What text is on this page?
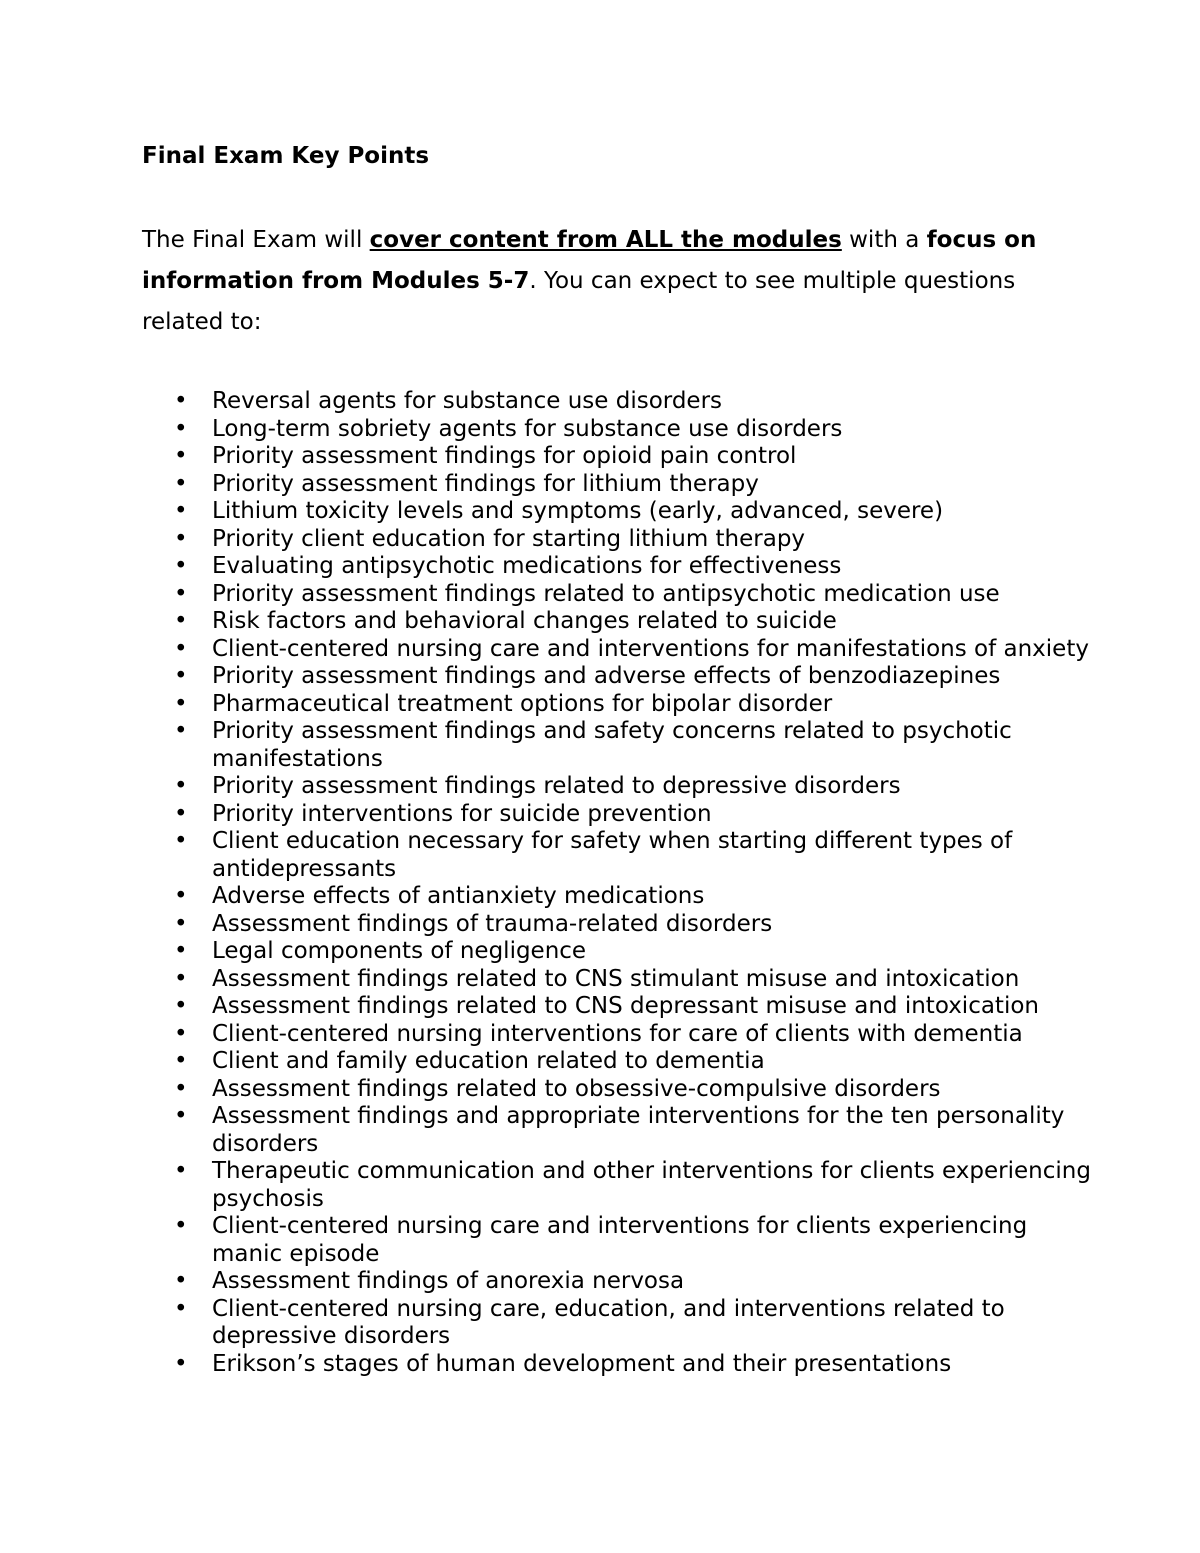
Final Exam Key Points

The Final Exam will cover content from ALL the modules with a focus on information from Modules 5-7. You can expect to see multiple questions related to:

• Reversal agents for substance use disorders
• Long-term sobriety agents for substance use disorders
• Priority assessment findings for opioid pain control
• Priority assessment findings for lithium therapy
• Lithium toxicity levels and symptoms (early, advanced, severe)
• Priority client education for starting lithium therapy
• Evaluating antipsychotic medications for effectiveness
• Priority assessment findings related to antipsychotic medication use
• Risk factors and behavioral changes related to suicide
• Client-centered nursing care and interventions for manifestations of anxiety
• Priority assessment findings and adverse effects of benzodiazepines
• Pharmaceutical treatment options for bipolar disorder
• Priority assessment findings and safety concerns related to psychotic manifestations
• Priority assessment findings related to depressive disorders
• Priority interventions for suicide prevention
• Client education necessary for safety when starting different types of antidepressants
• Adverse effects of antianxiety medications
• Assessment findings of trauma-related disorders
• Legal components of negligence
• Assessment findings related to CNS stimulant misuse and intoxication
• Assessment findings related to CNS depressant misuse and intoxication
• Client-centered nursing interventions for care of clients with dementia
• Client and family education related to dementia
• Assessment findings related to obsessive-compulsive disorders
• Assessment findings and appropriate interventions for the ten personality disorders
• Therapeutic communication and other interventions for clients experiencing psychosis
• Client-centered nursing care and interventions for clients experiencing manic episode
• Assessment findings of anorexia nervosa
• Client-centered nursing care, education, and interventions related to depressive disorders
• Erikson’s stages of human development and their presentations
